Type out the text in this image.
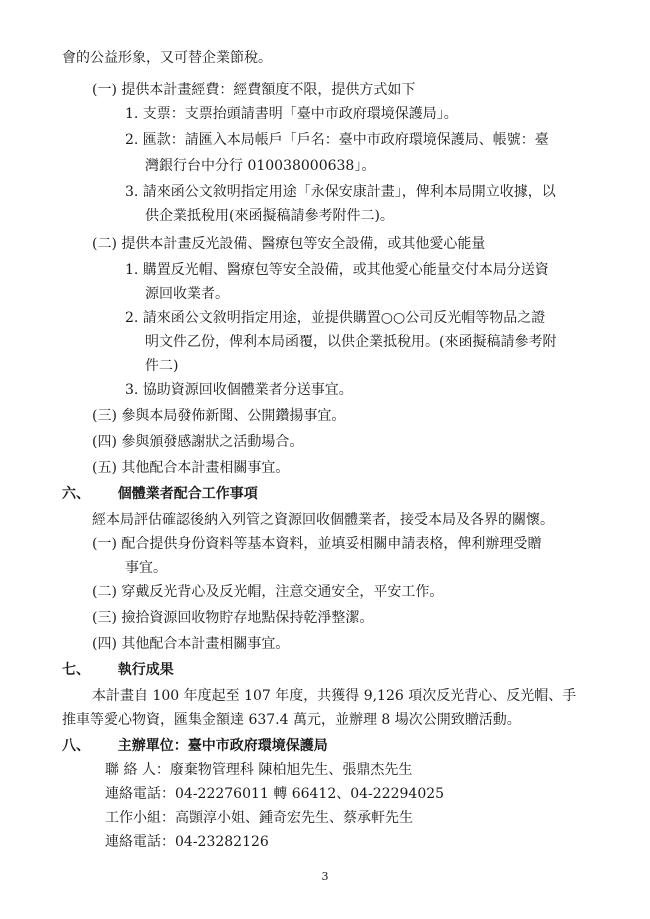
會的公益形象，又可替企業節稅。
(一) 提供本計畫經費：經費額度不限，提供方式如下
1. 支票：支票抬頭請書明「臺中市政府環境保護局」。
2. 匯款：請匯入本局帳戶「戶名：臺中市政府環境保護局、帳號：臺
灣銀行台中分行 010038000638」。
3. 請來函公文敘明指定用途「永保安康計畫」，俾利本局開立收據，以
供企業抵稅用(來函擬稿請參考附件二)。
(二) 提供本計畫反光設備、醫療包等安全設備，或其他愛心能量
1. 購置反光帽、醫療包等安全設備，或其他愛心能量交付本局分送資
源回收業者。
2. 請來函公文敘明指定用途，並提供購置○○公司反光帽等物品之證
明文件乙份，俾利本局函覆，以供企業抵稅用。(來函擬稿請參考附
件二)
3. 協助資源回收個體業者分送事宜。
(三) 參與本局發佈新聞、公開鑽揚事宜。
(四) 參與頒發感謝狀之活動場合。
(五) 其他配合本計畫相關事宜。
六、 個體業者配合工作事項
經本局評估確認後納入列管之資源回收個體業者，接受本局及各界的關懷。
(一) 配合提供身份資料等基本資料，並填妥相關申請表格，俾利辦理受贈
事宜。
(二) 穿戴反光背心及反光帽，注意交通安全，平安工作。
(三) 撿拾資源回收物貯存地點保持乾淨整潔。
(四) 其他配合本計畫相關事宜。
七、 執行成果
本計畫自 100 年度起至 107 年度，共獲得 9,126 項次反光背心、反光帽、手
推車等愛心物資，匯集金額達 637.4 萬元，並辦理 8 場次公開致贈活動。
八、 主辦單位：臺中市政府環境保護局
聯 絡 人：廢棄物管理科 陳柏旭先生、張鼎杰先生
連絡電話：04-22276011 轉 66412、04-22294025
工作小組：高顗淳小姐、鍾奇宏先生、蔡承軒先生
連絡電話：04-23282126
3
